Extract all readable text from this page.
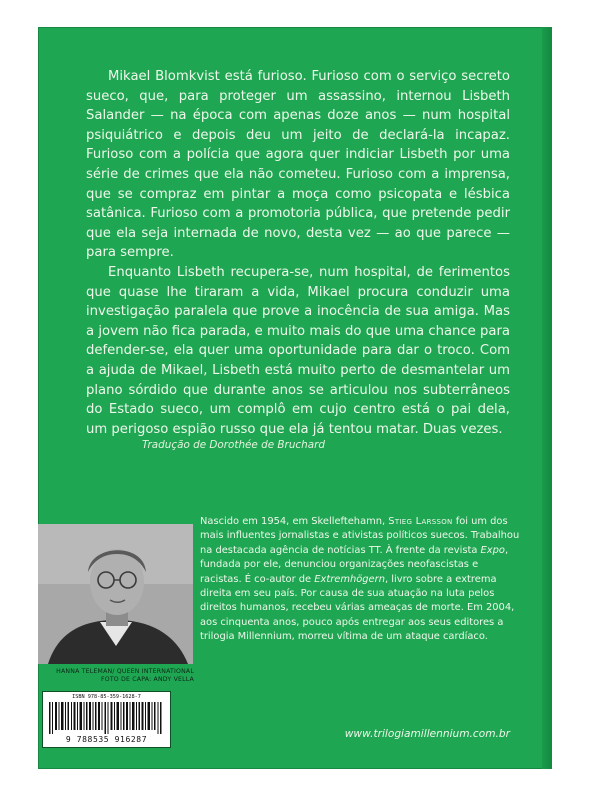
Mikael Blomkvist está furioso. Furioso com o serviço secreto sueco, que, para proteger um assassino, internou Lisbeth Salander — na época com apenas doze anos — num hospital psiquiátrico e depois deu um jeito de declará-la incapaz. Furioso com a polícia que agora quer indiciar Lisbeth por uma série de crimes que ela não cometeu. Furioso com a imprensa, que se compraz em pintar a moça como psicopata e lésbica satânica. Furioso com a promotoria pública, que pretende pedir que ela seja internada de novo, desta vez — ao que parece — para sempre.

Enquanto Lisbeth recupera-se, num hospital, de ferimentos que quase lhe tiraram a vida, Mikael procura conduzir uma investigação paralela que prove a inocência de sua amiga. Mas a jovem não fica parada, e muito mais do que uma chance para defender-se, ela quer uma oportunidade para dar o troco. Com a ajuda de Mikael, Lisbeth está muito perto de desmantelar um plano sórdido que durante anos se articulou nos subterrâneos do Estado sueco, um complô em cujo centro está o pai dela, um perigoso espião russo que ela já tentou matar. Duas vezes.

Tradução de Dorothée de Bruchard
HANNA TELEMAN/ QUEEN INTERNATIONAL
FOTO DE CAPA: ANDY VELLA
ISBN 978-85-359-1628-7
9 788535 916287

Nascido em 1954, em Skelleftehamn, Stieg Larsson foi um dos mais influentes jornalistas e ativistas políticos suecos. Trabalhou na destacada agência de notícias TT. À frente da revista Expo, fundada por ele, denunciou organizações neofascistas e racistas. É co-autor de Extremhögern, livro sobre a extrema direita em seu país. Por causa de sua atuação na luta pelos direitos humanos, recebeu várias ameaças de morte. Em 2004, aos cinquenta anos, pouco após entregar aos seus editores a trilogia Millennium, morreu vítima de um ataque cardíaco.

www.trilogiamillennium.com.br
